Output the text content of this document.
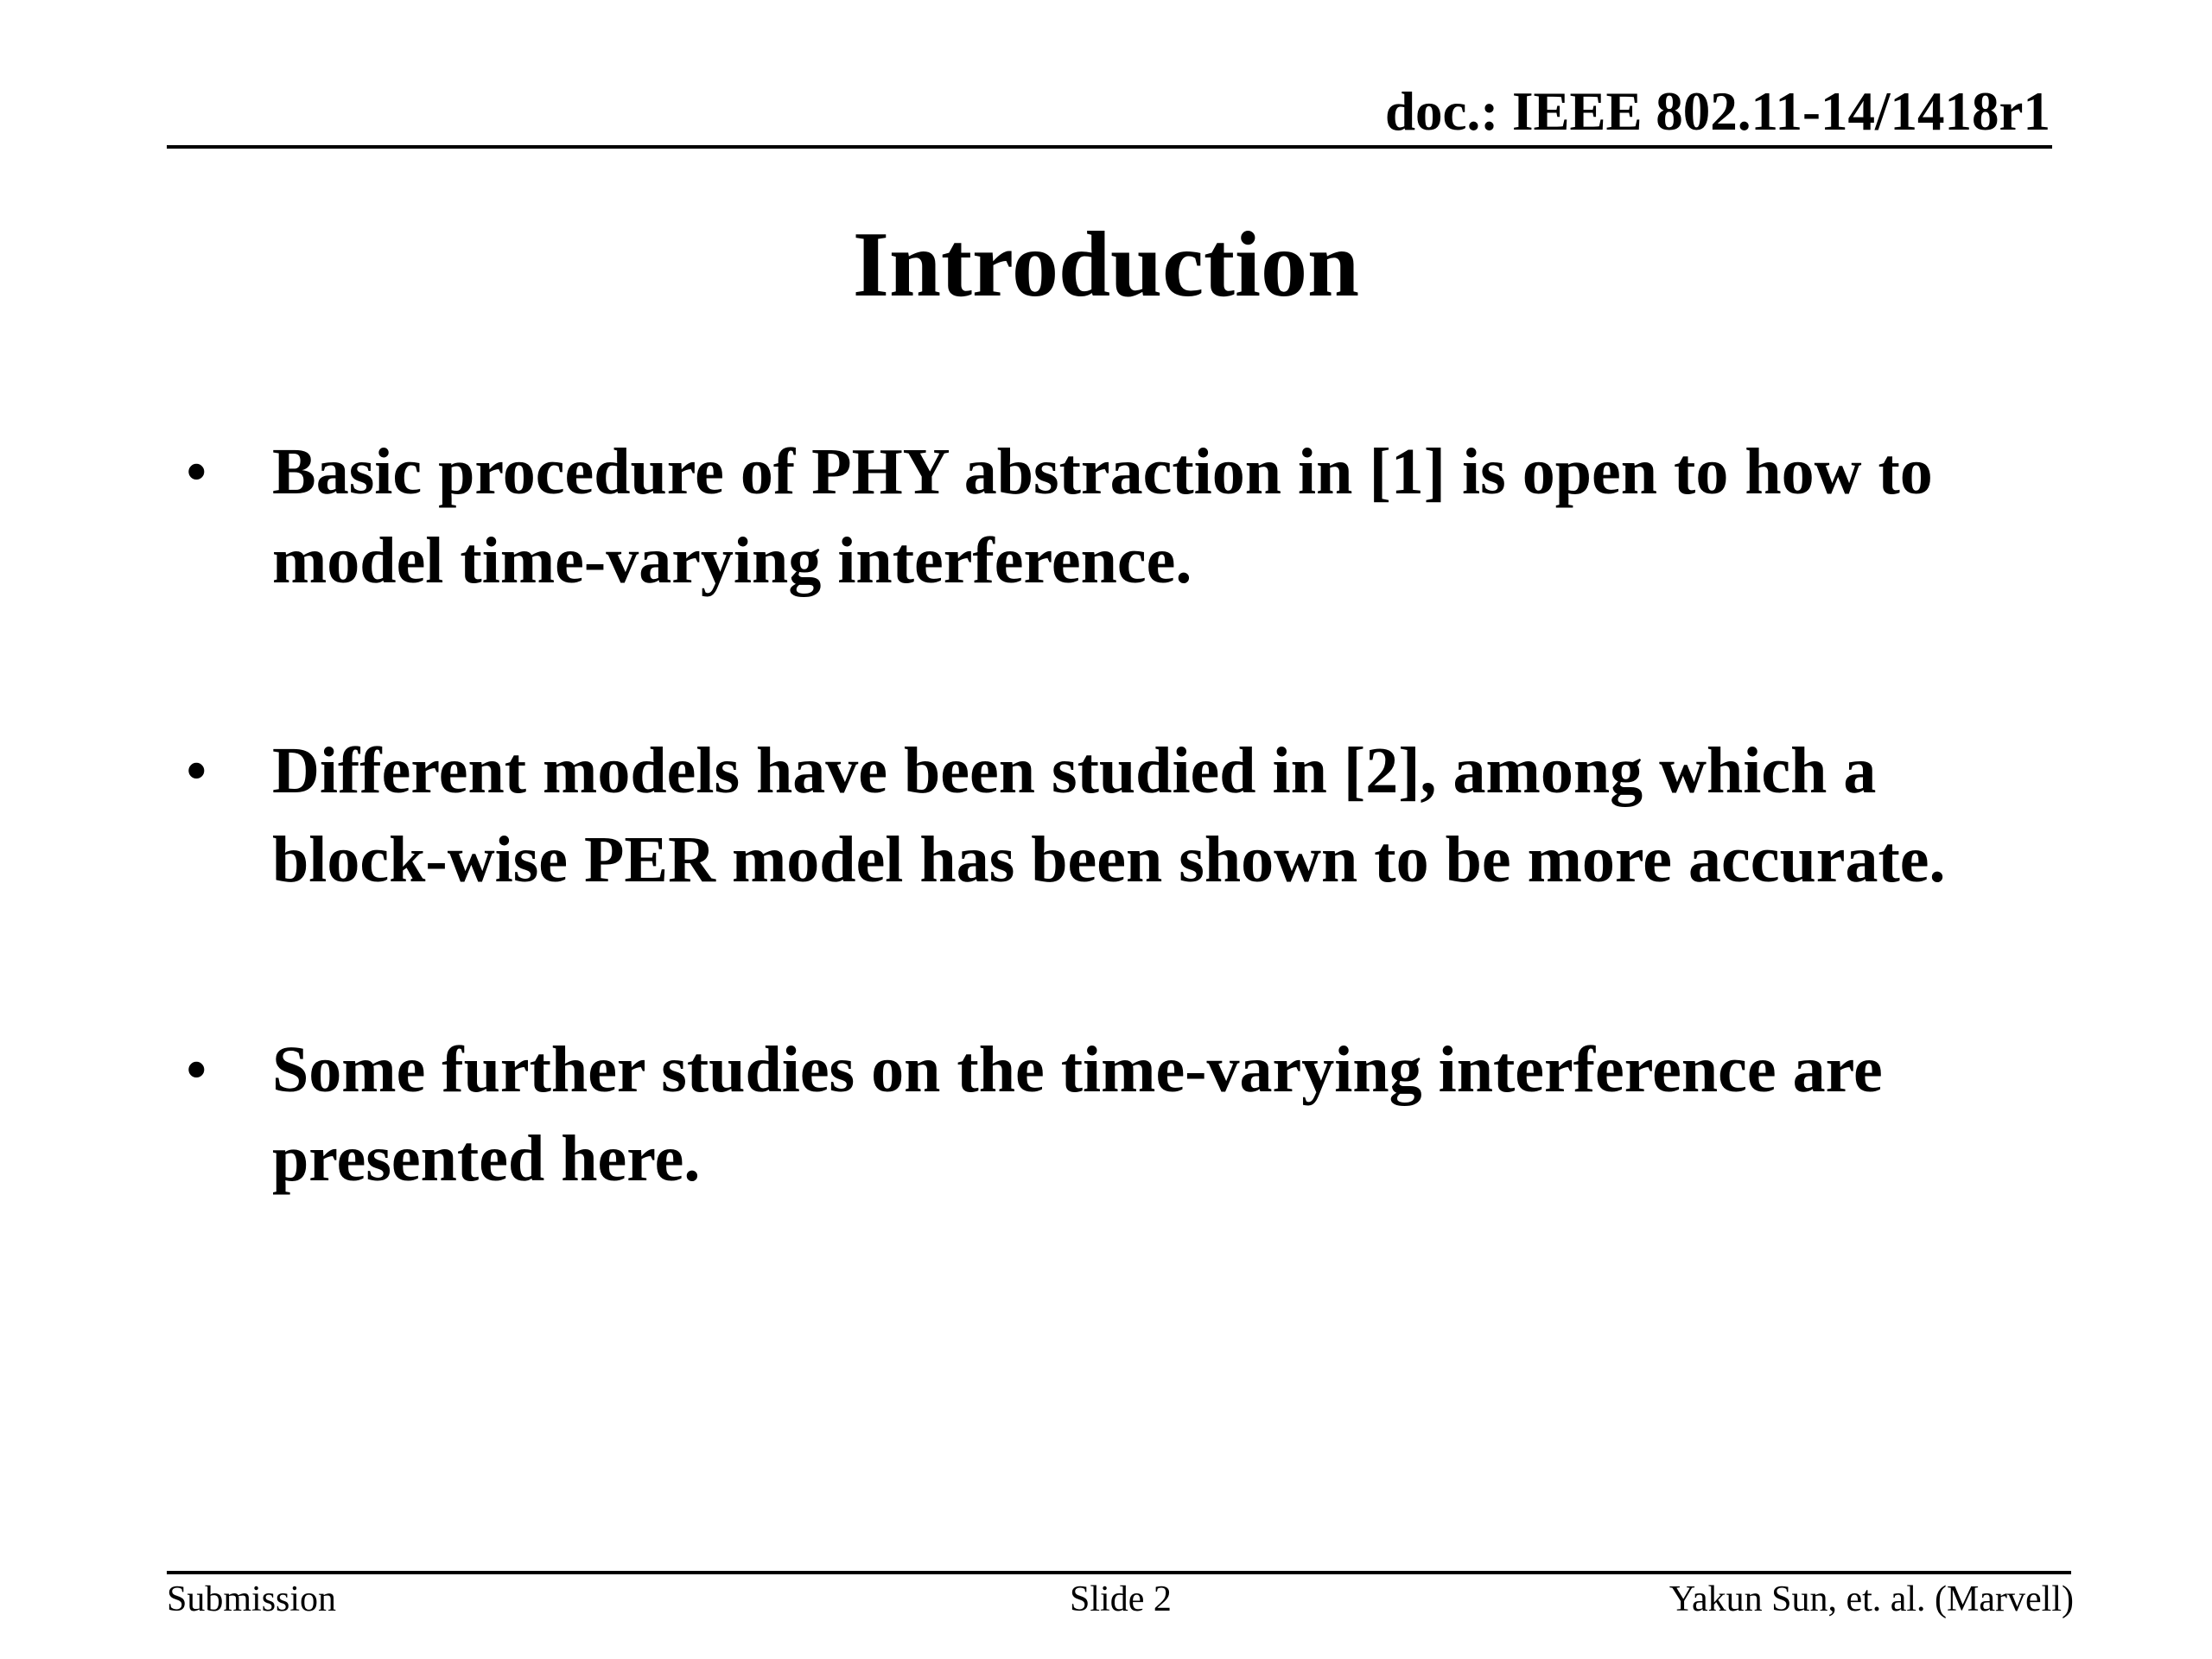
doc.: IEEE 802.11-14/1418r1
Introduction
• Basic procedure of PHY abstraction in [1] is open to how to model time-varying interference.
• Different models have been studied in [2], among which a block-wise PER model has been shown to be more accurate.
• Some further studies on the time-varying interference are presented here.
Submission	Slide 2	Yakun Sun, et. al. (Marvell)
